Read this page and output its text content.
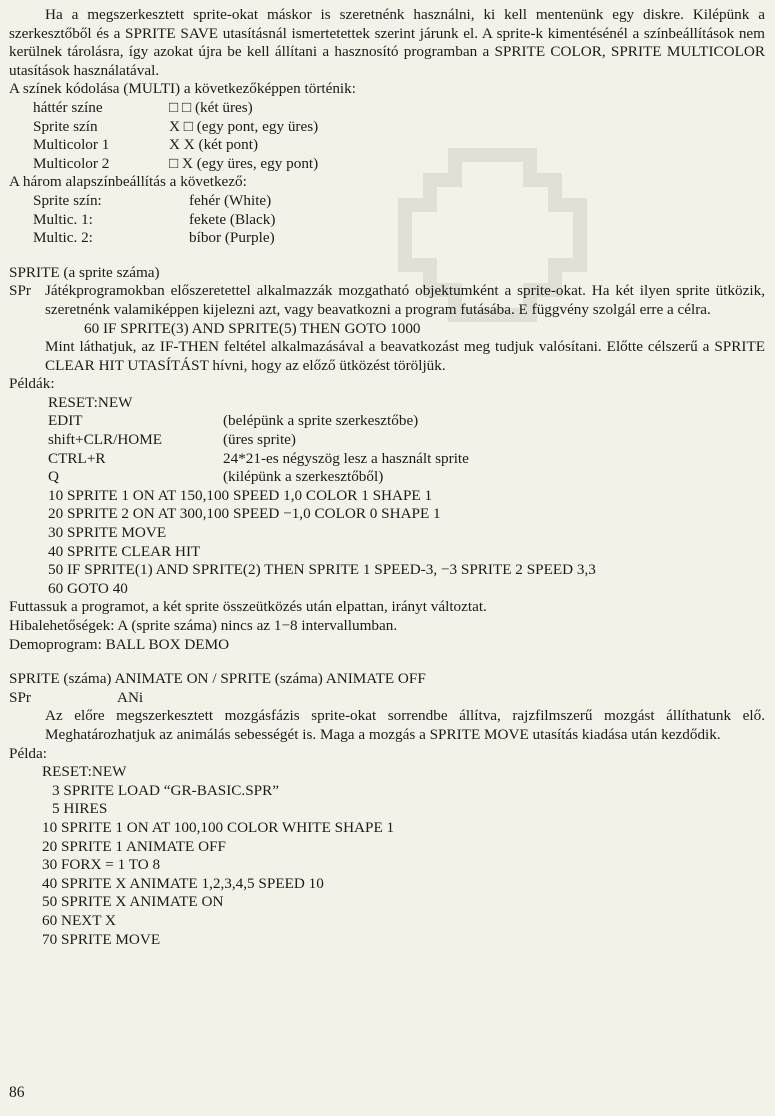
Ha a megszerkesztett sprite-okat máskor is szeretnénk használni, ki kell mentenünk egy diskre. Kilépünk a szerkesztőből és a SPRITE SAVE utasításnál ismertetettek szerint járunk el. A sprite-k kimentésénél a színbeállítások nem kerülnek tárolásra, így azokat újra be kell állítani a hasznosító programban a SPRITE COLOR, SPRITE MULTICOLOR utasítások használatával.

A színek kódolása (MULTI) a következőképpen történik:

háttér színe	□ □ (két üres)
Sprite szín	X □ (egy pont, egy üres)
Multicolor 1	X X (két pont)
Multicolor 2	□ X (egy üres, egy pont)

A három alapszínbeállítás a következő:

Sprite szín:	fehér (White)
Multic. 1:	fekete (Black)
Multic. 2:	bíbor (Purple)

SPRITE (a sprite száma)

SPr Játékprogramokban előszeretettel alkalmazzák mozgatható objektumként a sprite-okat. Ha két ilyen sprite ütközik, szeretnénk valamiképpen kijelezni azt, vagy beavatkozni a program futásába. E függvény szolgál erre a célra.

60 IF SPRITE(3) AND SPRITE(5) THEN GOTO 1000

Mint láthatjuk, az IF-THEN feltétel alkalmazásával a beavatkozást meg tudjuk valósítani. Előtte célszerű a SPRITE CLEAR HIT UTASÍTÁST hívni, hogy az előző ütközést töröljük.

Példák:

RESET:NEW
EDIT	(belépünk a sprite szerkesztőbe)
shift+CLR/HOME	(üres sprite)
CTRL+R	24*21-es négyszög lesz a használt sprite
Q	(kilépünk a szerkesztőből)
10 SPRITE 1 ON AT 150,100 SPEED 1,0 COLOR 1 SHAPE 1
20 SPRITE 2 ON AT 300,100 SPEED −1,0 COLOR 0 SHAPE 1
30 SPRITE MOVE
40 SPRITE CLEAR HIT
50 IF SPRITE(1) AND SPRITE(2) THEN SPRITE 1 SPEED-3, −3 SPRITE 2 SPEED 3,3
60 GOTO 40

Futtassuk a programot, a két sprite összeütközés után elpattan, irányt változtat.

Hibalehetőségek: A (sprite száma) nincs az 1−8 intervallumban.

Demoprogram: BALL BOX DEMO

SPRITE (száma) ANIMATE ON / SPRITE (száma) ANIMATE OFF

SPr	ANi

Az előre megszerkesztett mozgásfázis sprite-okat sorrendbe állítva, rajzfilmszerű mozgást állíthatunk elő. Meghatározhatjuk az animálás sebességét is. Maga a mozgás a SPRITE MOVE utasítás kiadása után kezdődik.

Példa:

RESET:NEW
3 SPRITE LOAD “GR-BASIC.SPR”
5 HIRES
10 SPRITE 1 ON AT 100,100 COLOR WHITE SHAPE 1
20 SPRITE 1 ANIMATE OFF
30 FORX = 1 TO 8
40 SPRITE X ANIMATE 1,2,3,4,5 SPEED 10
50 SPRITE X ANIMATE ON
60 NEXT X
70 SPRITE MOVE
86
